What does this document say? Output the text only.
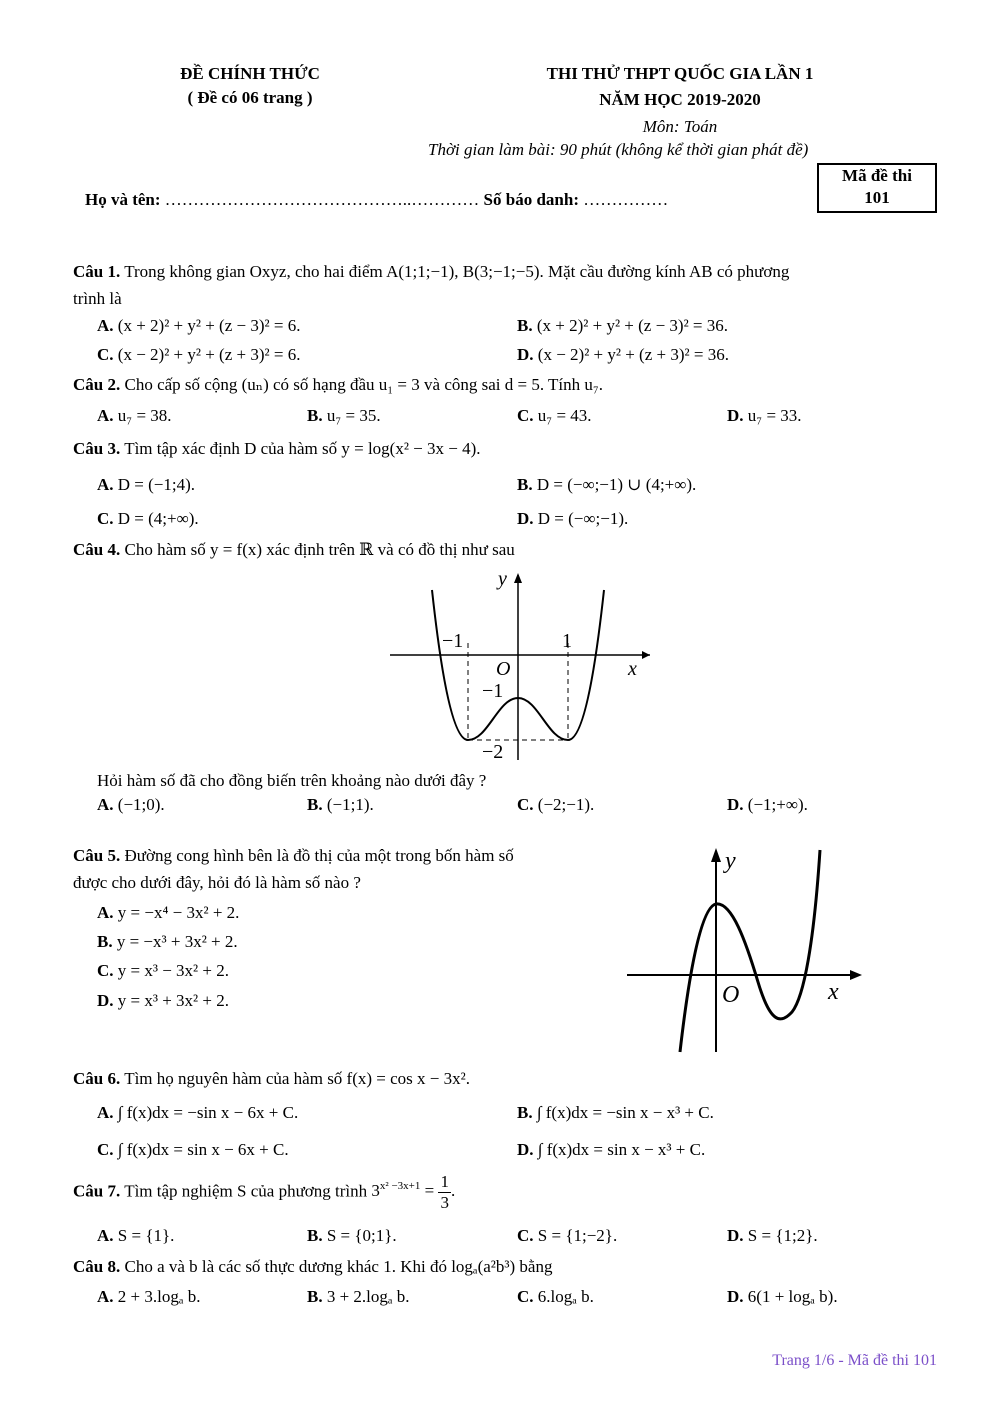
ĐỀ CHÍNH THỨC
( Đề có 06 trang )
THI THỬ THPT QUỐC GIA LẦN 1
NĂM HỌC 2019-2020
Môn: Toán
Thời gian làm bài: 90 phút (không kể thời gian phát đề)
Mã đề thi
101
Họ và tên: ……………………………………..………… Số báo danh: ……………
Câu 1. Trong không gian Oxyz, cho hai điểm A(1;1;−1), B(3;−1;−5). Mặt cầu đường kính AB có phương
trình là
A. (x + 2)² + y² + (z − 3)² = 6.	B. (x + 2)² + y² + (z − 3)² = 36.
C. (x − 2)² + y² + (z + 3)² = 6.	D. (x − 2)² + y² + (z + 3)² = 36.
Câu 2. Cho cấp số cộng (uₙ) có số hạng đầu u₁ = 3 và công sai d = 5. Tính u₇.
A. u₇ = 38.	B. u₇ = 35.	C. u₇ = 43.	D. u₇ = 33.
Câu 3. Tìm tập xác định D của hàm số y = log(x² − 3x − 4).
A. D = (−1;4).	B. D = (−∞;−1) ∪ (4;+∞).
C. D = (4;+∞).	D. D = (−∞;−1).
Câu 4. Cho hàm số y = f(x) xác định trên ℝ và có đồ thị như sau
y
x
O
−1	1
−1
−2
Hỏi hàm số đã cho đồng biến trên khoảng nào dưới đây ?
A. (−1;0).	B. (−1;1).	C. (−2;−1).	D. (−1;+∞).
Câu 5. Đường cong hình bên là đồ thị của một trong bốn hàm số
được cho dưới đây, hỏi đó là hàm số nào ?
A. y = −x⁴ − 3x² + 2.
B. y = −x³ + 3x² + 2.
C. y = x³ − 3x² + 2.
D. y = x³ + 3x² + 2.
y
x
O
Câu 6. Tìm họ nguyên hàm của hàm số f(x) = cos x − 3x².
A. ∫ f(x)dx = −sin x − 6x + C.	B. ∫ f(x)dx = −sin x − x³ + C.
C. ∫ f(x)dx = sin x − 6x + C.	D. ∫ f(x)dx = sin x − x³ + C.
Câu 7. Tìm tập nghiệm S của phương trình $3^{x^2 -3x+1} = \frac{1}{3}$ .
A. S = {1}.	B. S = {0;1}.	C. S = {1;−2}.	D. S = {1;2}.
Câu 8. Cho a và b là các số thực dương khác 1. Khi đó logₐ(a²b³) bằng
A. 2 + 3.logₐ b.	B. 3 + 2.logₐ b.	C. 6.logₐ b.	D. 6(1 + logₐ b).
Trang 1/6 - Mã đề thi 101
